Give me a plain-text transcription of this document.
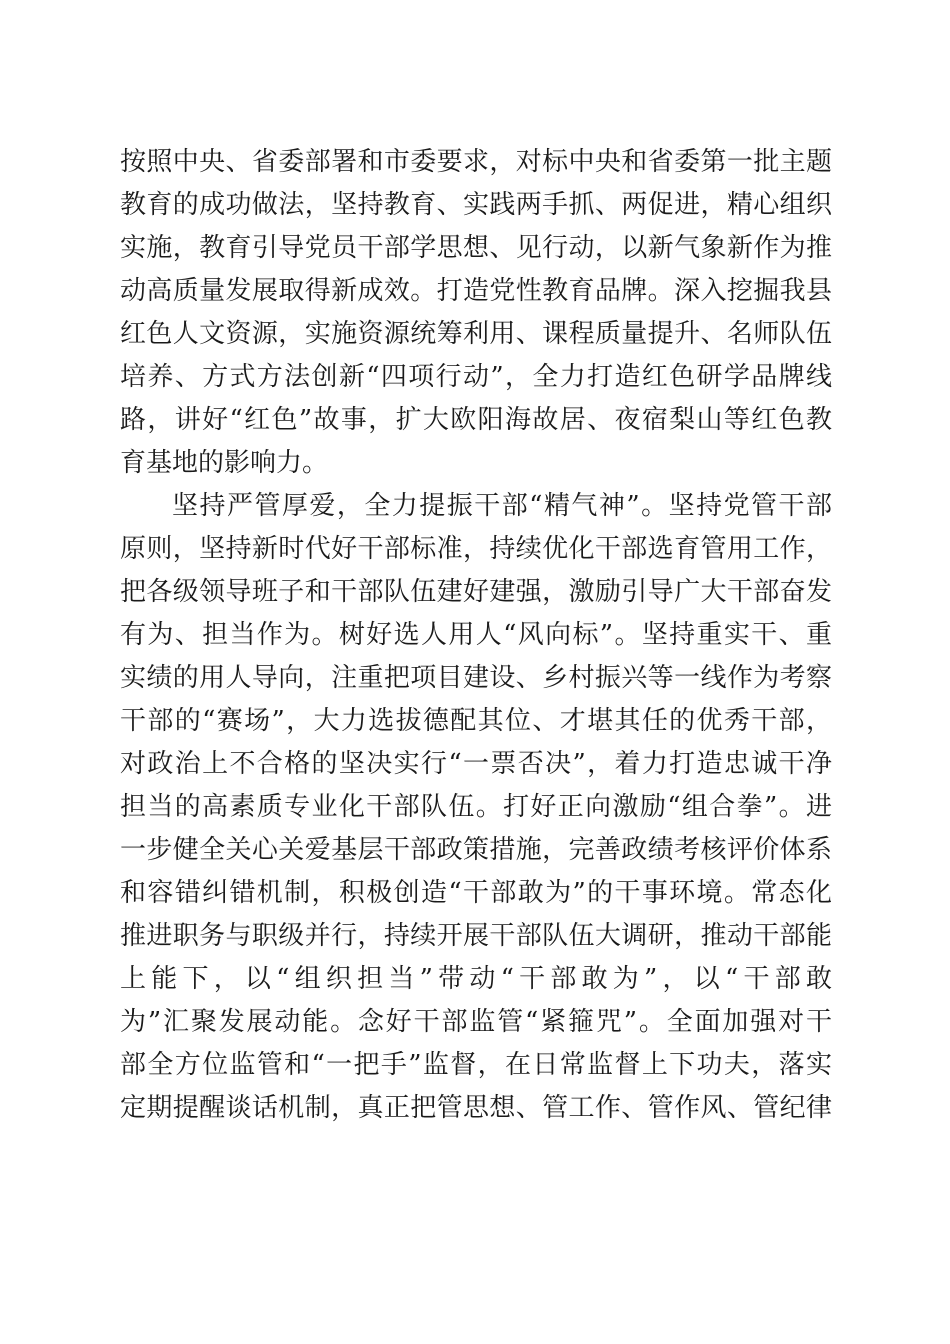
按照中央、省委部署和市委要求，对标中央和省委第一批主题
教育的成功做法，坚持教育、实践两手抓、两促进，精心组织
实施，教育引导党员干部学思想、见行动，以新气象新作为推
动高质量发展取得新成效。打造党性教育品牌。深入挖掘我县
红色人文资源，实施资源统筹利用、课程质量提升、名师队伍
培养、方式方法创新“四项行动”，全力打造红色研学品牌线
路，讲好“红色”故事，扩大欧阳海故居、夜宿梨山等红色教
育基地的影响力。
坚持严管厚爱，全力提振干部“精气神”。坚持党管干部
原则，坚持新时代好干部标准，持续优化干部选育管用工作，
把各级领导班子和干部队伍建好建强，激励引导广大干部奋发
有为、担当作为。树好选人用人“风向标”。坚持重实干、重
实绩的用人导向，注重把项目建设、乡村振兴等一线作为考察
干部的“赛场”，大力选拔德配其位、才堪其任的优秀干部，
对政治上不合格的坚决实行“一票否决”，着力打造忠诚干净
担当的高素质专业化干部队伍。打好正向激励“组合拳”。进
一步健全关心关爱基层干部政策措施，完善政绩考核评价体系
和容错纠错机制，积极创造“干部敢为”的干事环境。常态化
推进职务与职级并行，持续开展干部队伍大调研，推动干部能
上能下，以“组织担当”带动“干部敢为”，以“干部敢
为”汇聚发展动能。念好干部监管“紧箍咒”。全面加强对干
部全方位监管和“一把手”监督，在日常监督上下功夫，落实
定期提醒谈话机制，真正把管思想、管工作、管作风、管纪律
